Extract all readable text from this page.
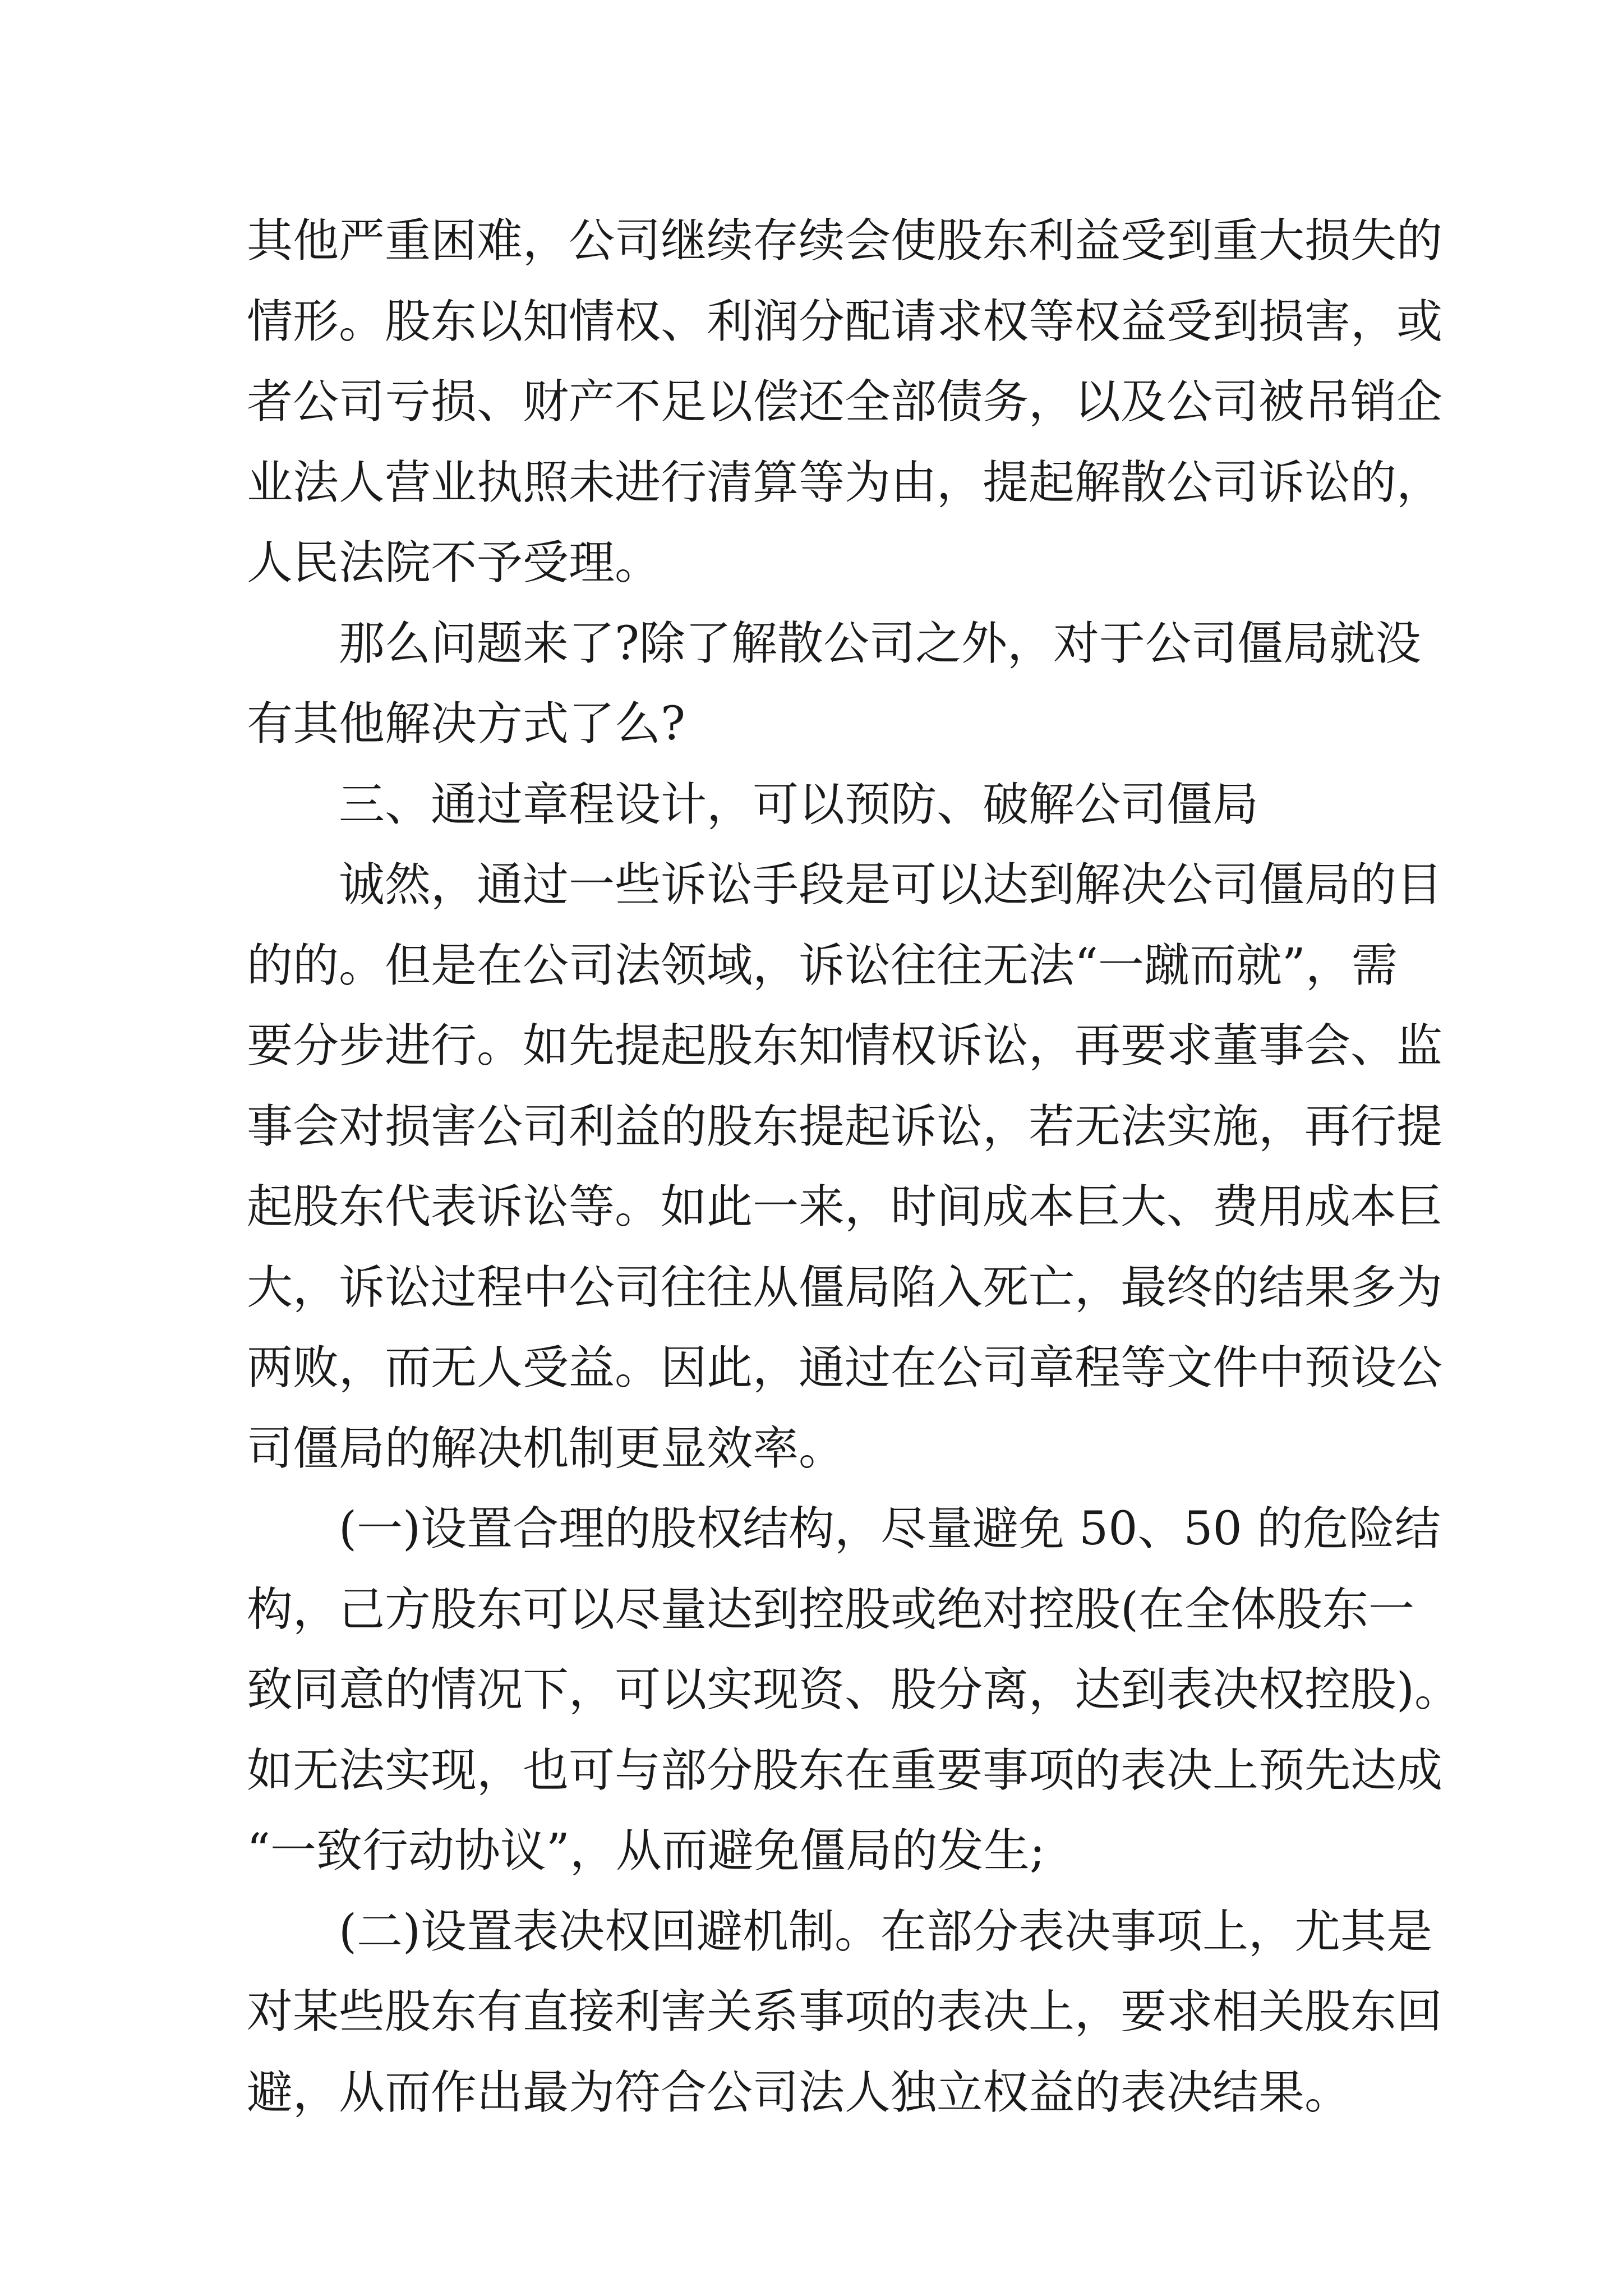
其他严重困难，公司继续存续会使股东利益受到重大损失的
情形。股东以知情权、利润分配请求权等权益受到损害，或
者公司亏损、财产不足以偿还全部债务，以及公司被吊销企
业法人营业执照未进行清算等为由，提起解散公司诉讼的，
人民法院不予受理。
那么问题来了?除了解散公司之外，对于公司僵局就没
有其他解决方式了么?
三、通过章程设计，可以预防、破解公司僵局
诚然，通过一些诉讼手段是可以达到解决公司僵局的目
的的。但是在公司法领域，诉讼往往无法“一蹴而就”，需
要分步进行。如先提起股东知情权诉讼，再要求董事会、监
事会对损害公司利益的股东提起诉讼，若无法实施，再行提
起股东代表诉讼等。如此一来，时间成本巨大、费用成本巨
大，诉讼过程中公司往往从僵局陷入死亡，最终的结果多为
两败，而无人受益。因此，通过在公司章程等文件中预设公
司僵局的解决机制更显效率。
(一)设置合理的股权结构，尽量避免 50、50 的危险结
构，己方股东可以尽量达到控股或绝对控股(在全体股东一
致同意的情况下，可以实现资、股分离，达到表决权控股)。
如无法实现，也可与部分股东在重要事项的表决上预先达成
“一致行动协议”，从而避免僵局的发生;
(二)设置表决权回避机制。在部分表决事项上，尤其是
对某些股东有直接利害关系事项的表决上，要求相关股东回
避，从而作出最为符合公司法人独立权益的表决结果。
